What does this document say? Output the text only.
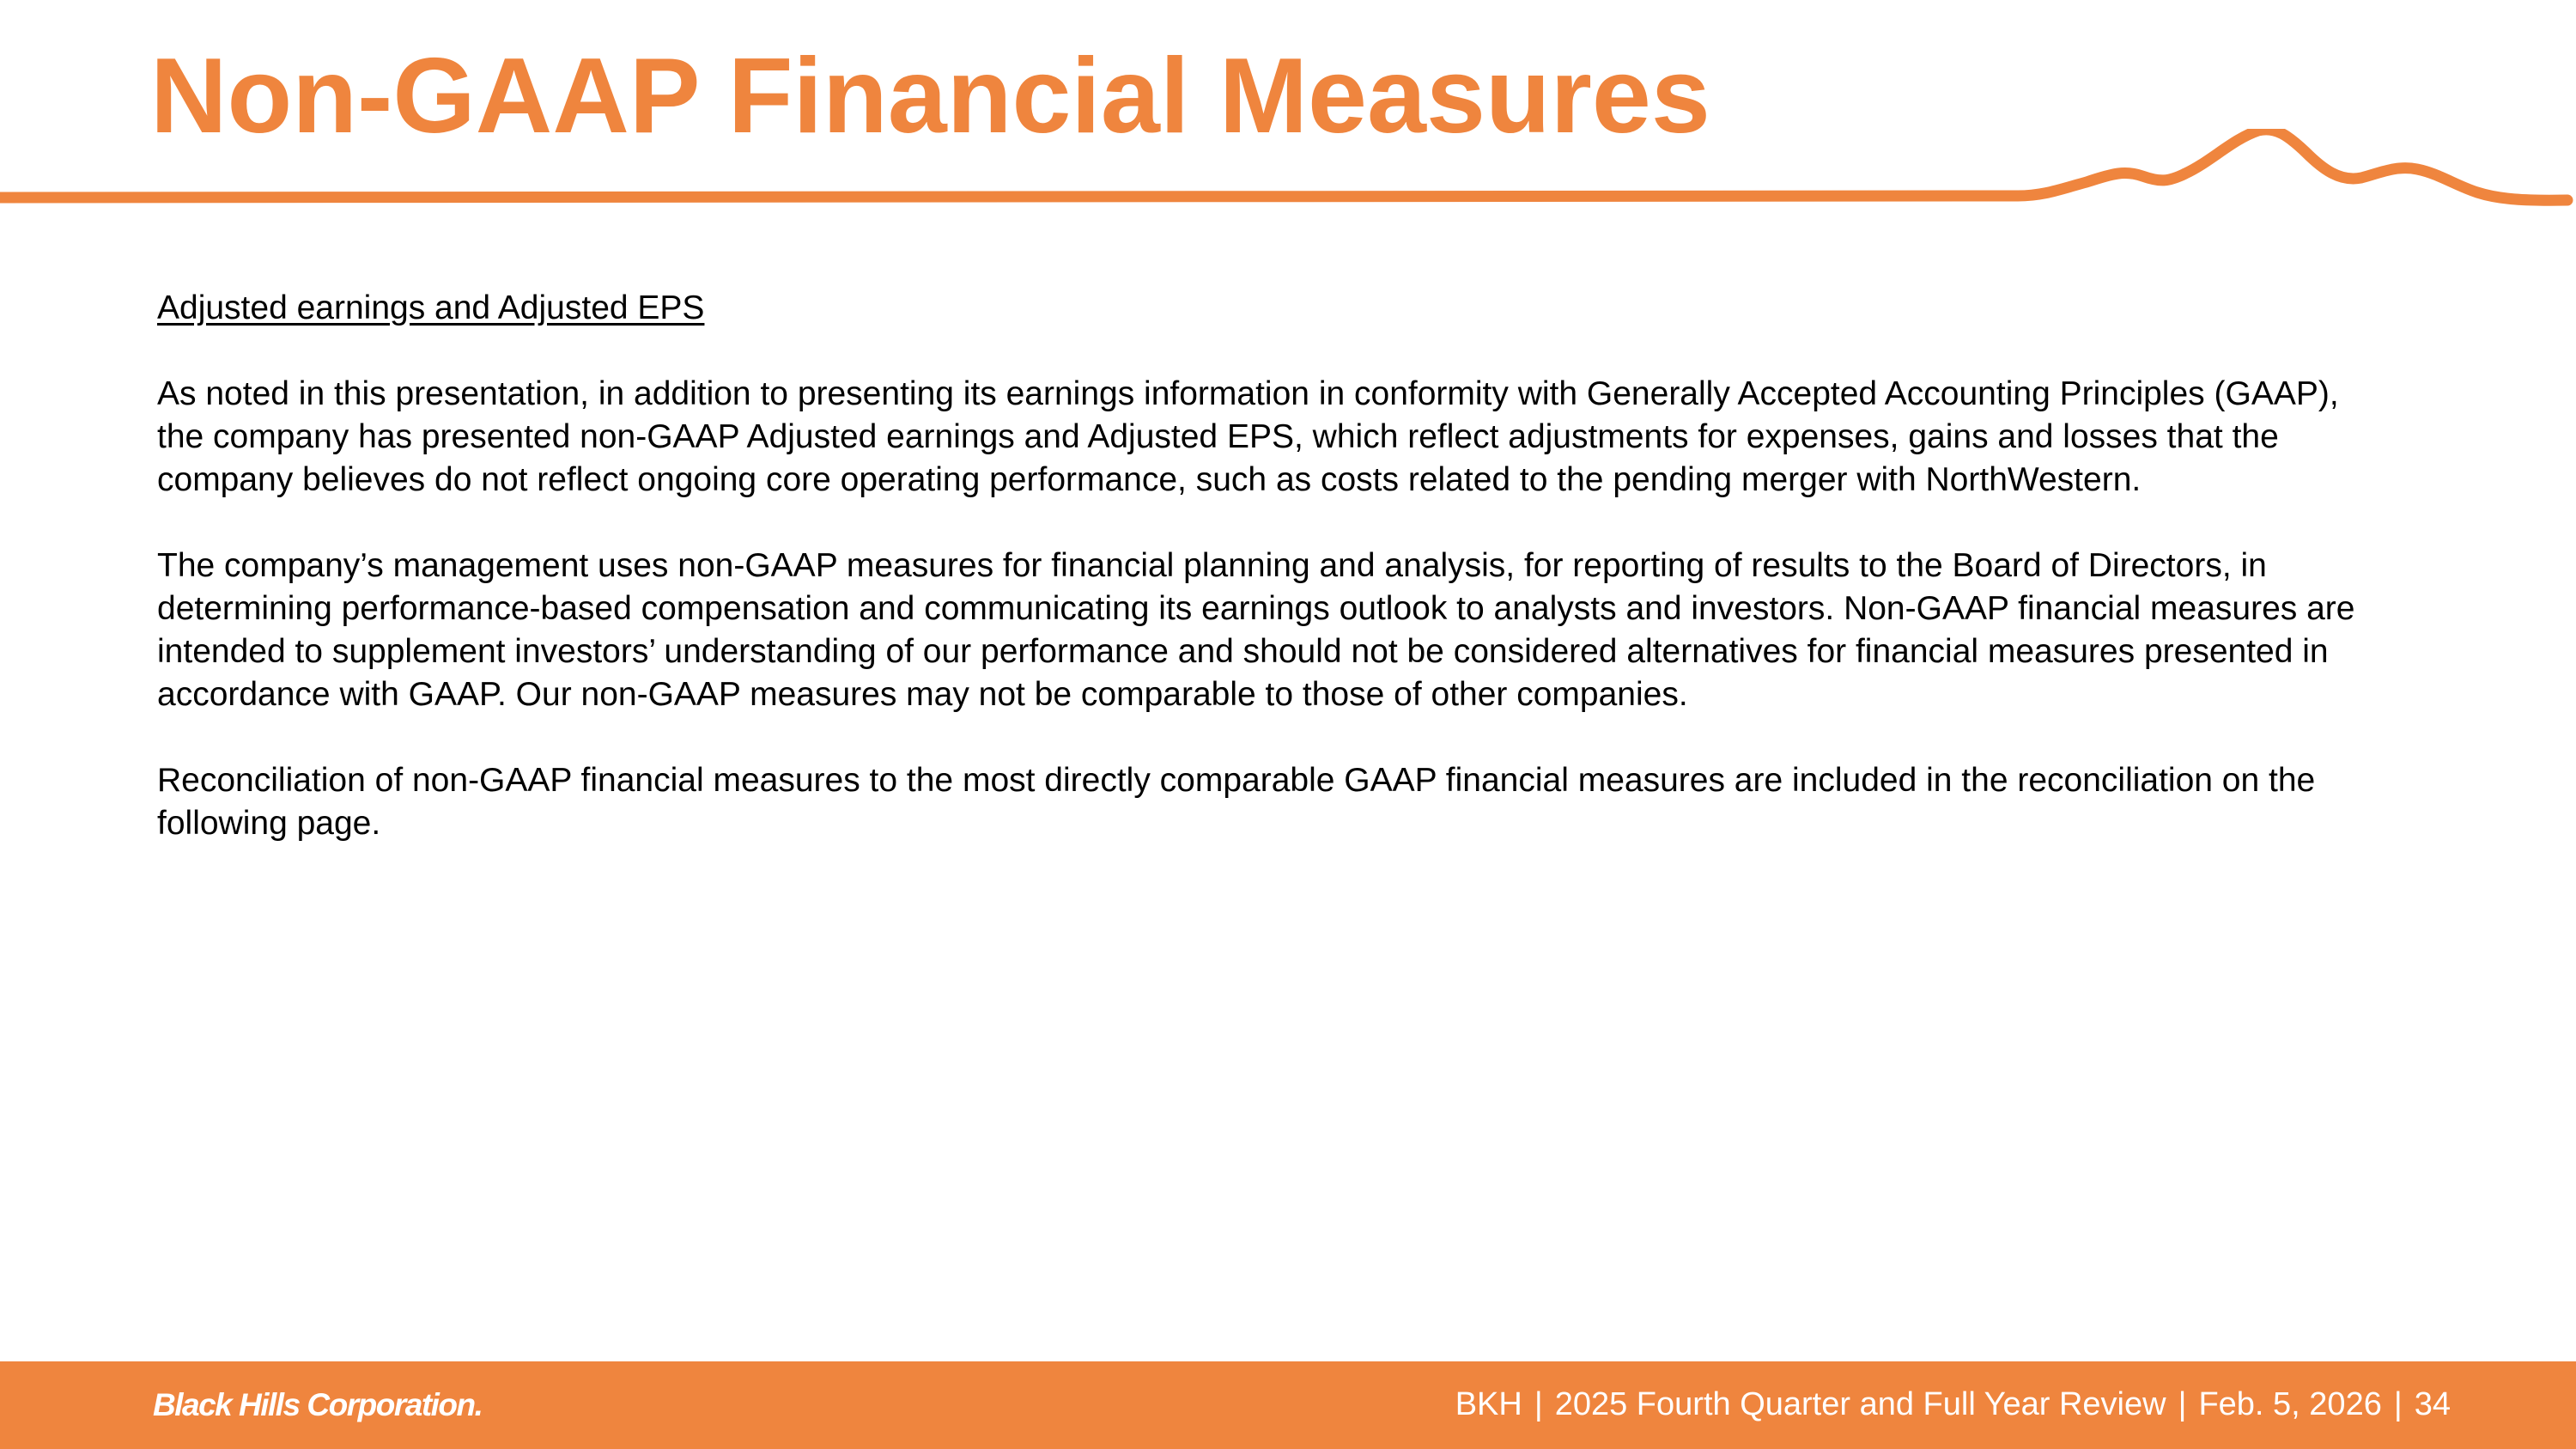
Non-GAAP Financial Measures

Adjusted earnings and Adjusted EPS

As noted in this presentation, in addition to presenting its earnings information in conformity with Generally Accepted Accounting Principles (GAAP), the company has presented non-GAAP Adjusted earnings and Adjusted EPS, which reflect adjustments for expenses, gains and losses that the company believes do not reflect ongoing core operating performance, such as costs related to the pending merger with NorthWestern.

The company’s management uses non-GAAP measures for financial planning and analysis, for reporting of results to the Board of Directors, in determining performance-based compensation and communicating its earnings outlook to analysts and investors. Non-GAAP financial measures are intended to supplement investors’ understanding of our performance and should not be considered alternatives for financial measures presented in accordance with GAAP. Our non-GAAP measures may not be comparable to those of other companies.

Reconciliation of non-GAAP financial measures to the most directly comparable GAAP financial measures are included in the reconciliation on the following page.

Black Hills Corporation.	BKH | 2025 Fourth Quarter and Full Year Review | Feb. 5, 2026 | 34
